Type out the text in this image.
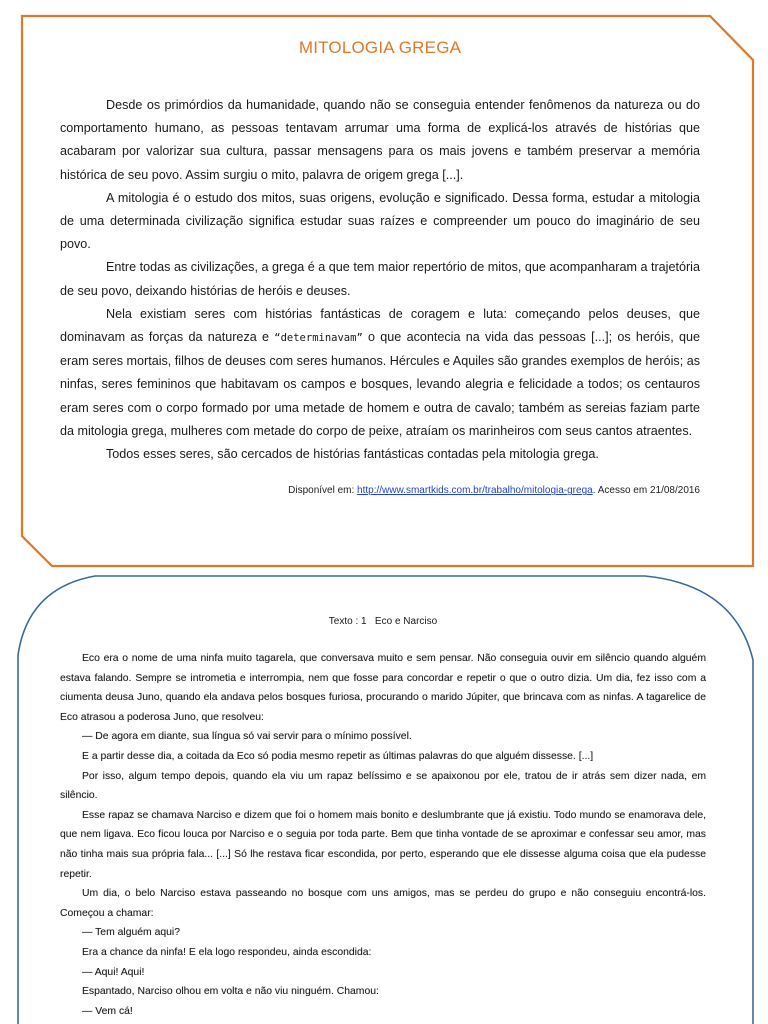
MITOLOGIA GREGA

Desde os primórdios da humanidade, quando não se conseguia entender fenômenos da natureza ou do comportamento humano, as pessoas tentavam arrumar uma forma de explicá-los através de histórias que acabaram por valorizar sua cultura, passar mensagens para os mais jovens e também preservar a memória histórica de seu povo. Assim surgiu o mito, palavra de origem grega [...].

A mitologia é o estudo dos mitos, suas origens, evolução e significado. Dessa forma, estudar a mitologia de uma determinada civilização significa estudar suas raízes e compreender um pouco do imaginário de seu povo.

Entre todas as civilizações, a grega é a que tem maior repertório de mitos, que acompanharam a trajetória de seu povo, deixando histórias de heróis e deuses.

Nela existiam seres com histórias fantásticas de coragem e luta: começando pelos deuses, que dominavam as forças da natureza e “determinavam” o que acontecia na vida das pessoas [...]; os heróis, que eram seres mortais, filhos de deuses com seres humanos. Hércules e Aquiles são grandes exemplos de heróis; as ninfas, seres femininos que habitavam os campos e bosques, levando alegria e felicidade a todos; os centauros eram seres com o corpo formado por uma metade de homem e outra de cavalo; também as sereias faziam parte da mitologia grega, mulheres com metade do corpo de peixe, atraíam os marinheiros com seus cantos atraentes.

Todos esses seres, são cercados de histórias fantásticas contadas pela mitologia grega.

Disponível em: http://www.smartkids.com.br/trabalho/mitologia-grega. Acesso em 21/08/2016
Texto : 1   Eco e Narciso

Eco era o nome de uma ninfa muito tagarela, que conversava muito e sem pensar. Não conseguia ouvir em silêncio quando alguém estava falando. Sempre se intrometia e interrompia, nem que fosse para concordar e repetir o que o outro dizia. Um dia, fez isso com a ciumenta deusa Juno, quando ela andava pelos bosques furiosa, procurando o marido Júpiter, que brincava com as ninfas. A tagarelice de Eco atrasou a poderosa Juno, que resolveu:

— De agora em diante, sua língua só vai servir para o mínimo possível.

E a partir desse dia, a coitada da Eco só podia mesmo repetir as últimas palavras do que alguém dissesse. [...]

Por isso, algum tempo depois, quando ela viu um rapaz belíssimo e se apaixonou por ele, tratou de ir atrás sem dizer nada, em silêncio.

Esse rapaz se chamava Narciso e dizem que foi o homem mais bonito e deslumbrante que já existiu. Todo mundo se enamorava dele, que nem ligava. Eco ficou louca por Narciso e o seguia por toda parte. Bem que tinha vontade de se aproximar e confessar seu amor, mas não tinha mais sua própria fala... [...] Só lhe restava ficar escondida, por perto, esperando que ele dissesse alguma coisa que ela pudesse repetir.

Um dia, o belo Narciso estava passeando no bosque com uns amigos, mas se perdeu do grupo e não conseguiu encontrá-los. Começou a chamar:

— Tem alguém aqui?

Era a chance da ninfa! E ela logo respondeu, ainda escondida:

— Aqui! Aqui!

Espantado, Narciso olhou em volta e não viu ninguém. Chamou:

— Vem cá!
